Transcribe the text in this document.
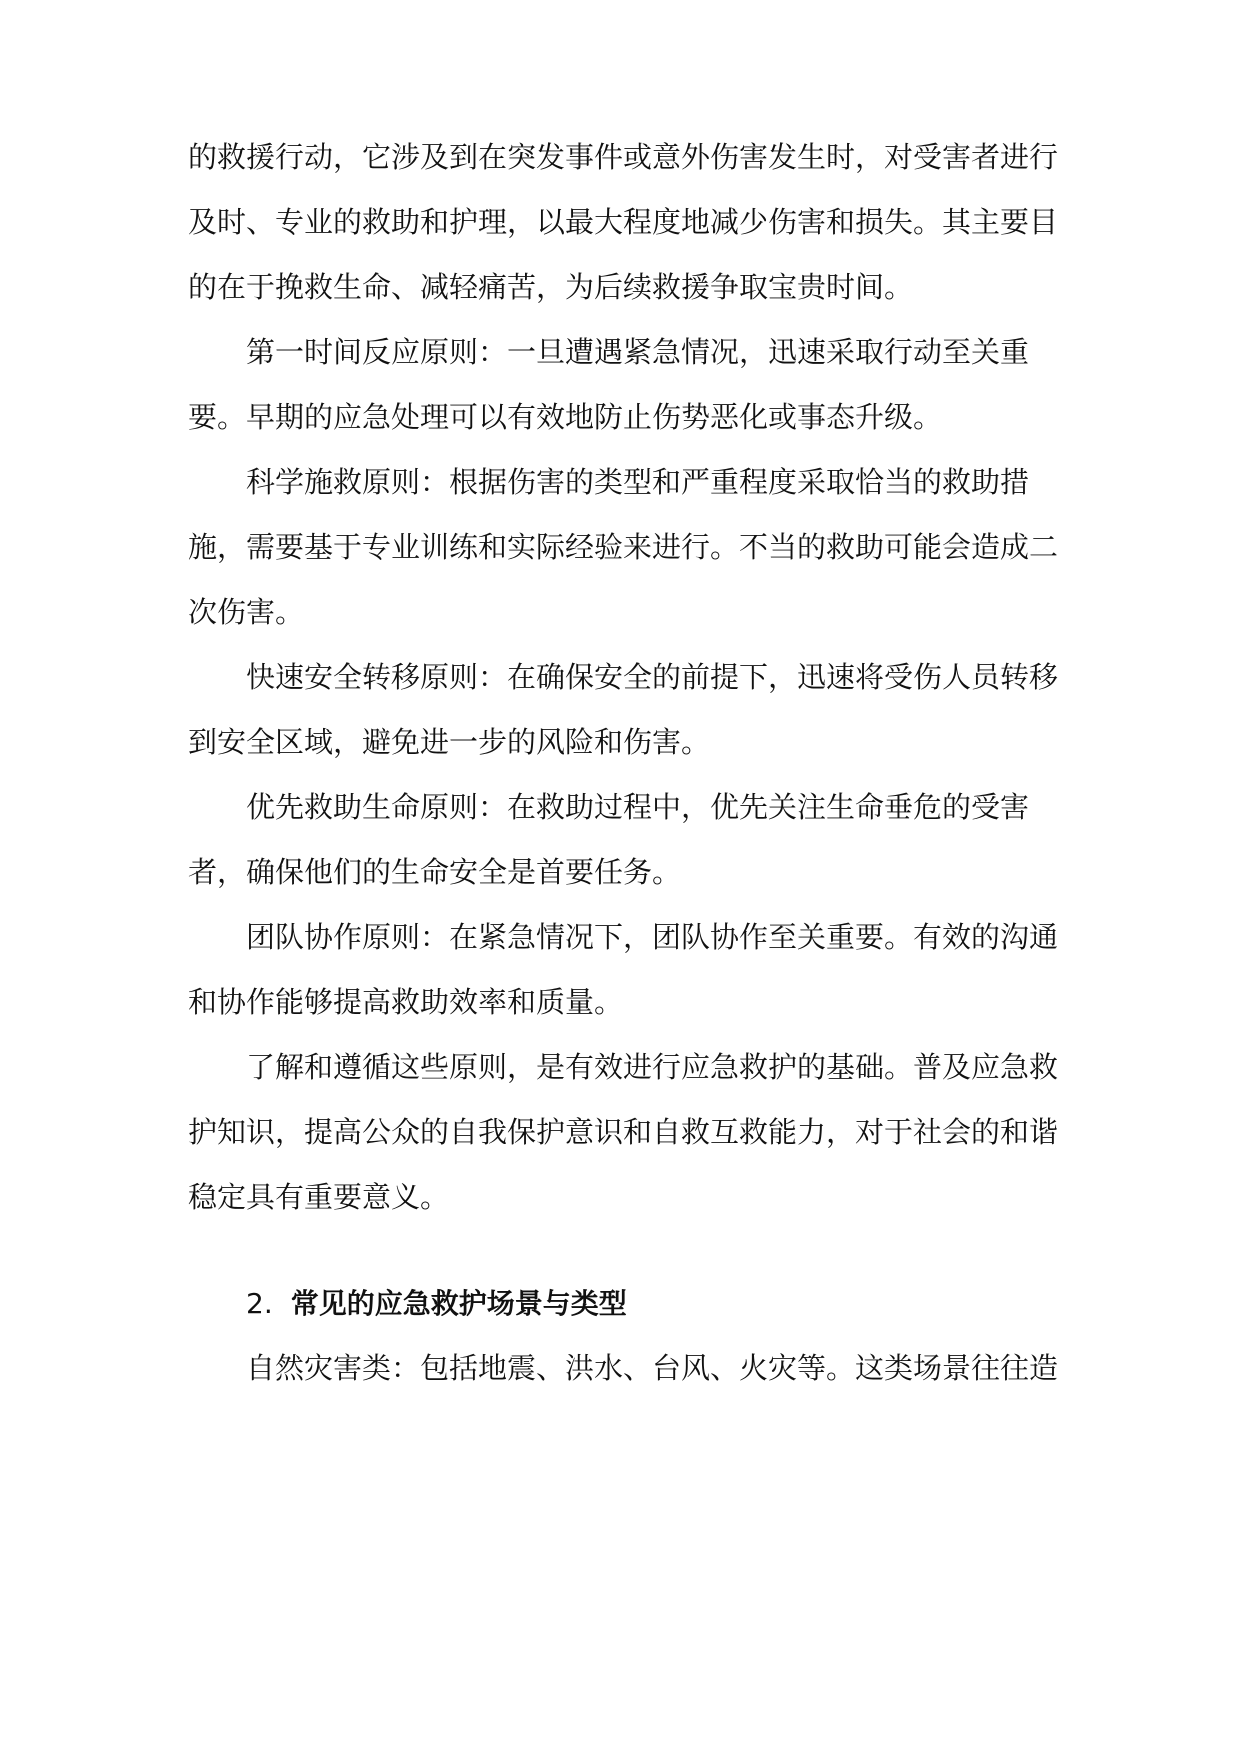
的救援行动，它涉及到在突发事件或意外伤害发生时，对受害者进行及时、专业的救助和护理，以最大程度地减少伤害和损失。其主要目的在于挽救生命、减轻痛苦，为后续救援争取宝贵时间。

第一时间反应原则：一旦遭遇紧急情况，迅速采取行动至关重要。早期的应急处理可以有效地防止伤势恶化或事态升级。

科学施救原则：根据伤害的类型和严重程度采取恰当的救助措施，需要基于专业训练和实际经验来进行。不当的救助可能会造成二次伤害。

快速安全转移原则：在确保安全的前提下，迅速将受伤人员转移到安全区域，避免进一步的风险和伤害。

优先救助生命原则：在救助过程中，优先关注生命垂危的受害者，确保他们的生命安全是首要任务。

团队协作原则：在紧急情况下，团队协作至关重要。有效的沟通和协作能够提高救助效率和质量。

了解和遵循这些原则，是有效进行应急救护的基础。普及应急救护知识，提高公众的自我保护意识和自救互救能力，对于社会的和谐稳定具有重要意义。

2. 常见的应急救护场景与类型

自然灾害类：包括地震、洪水、台风、火灾等。这类场景往往造
